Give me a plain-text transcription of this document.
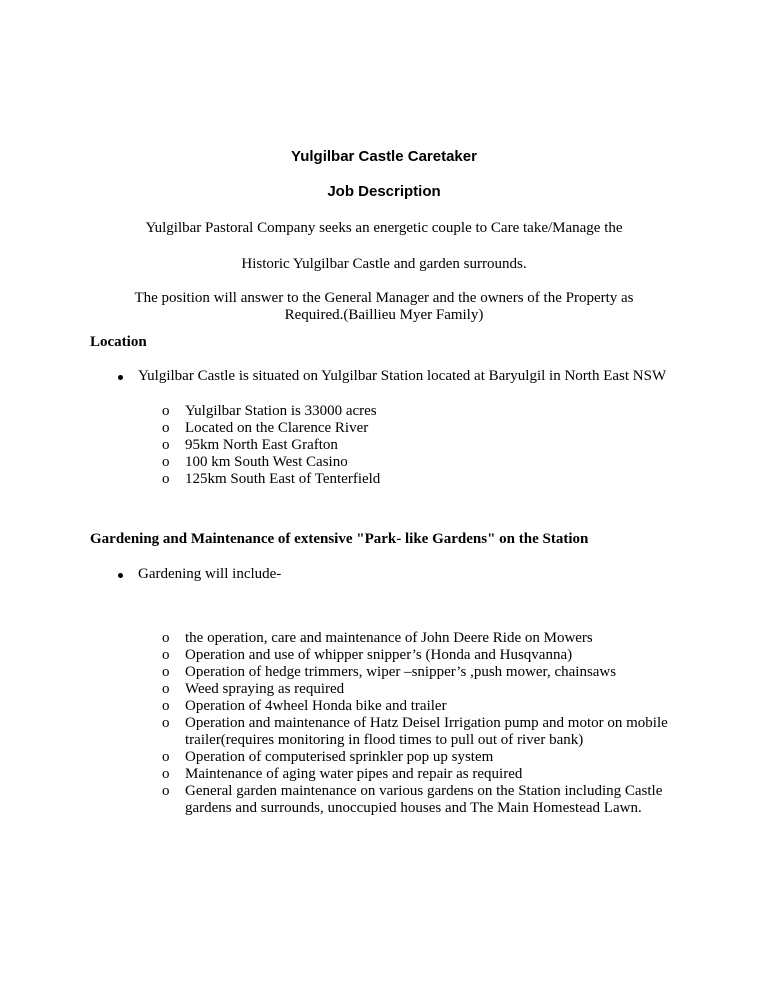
Yulgilbar Castle Caretaker
Job Description
Yulgilbar Pastoral Company seeks an energetic couple to Care take/Manage the
Historic Yulgilbar Castle and garden surrounds.
The position will answer to the General Manager and the owners of the Property as Required.(Baillieu Myer Family)
Location
Yulgilbar Castle is situated on Yulgilbar Station located at Baryulgil in North East NSW
o Yulgilbar Station is 33000 acres
o Located on the Clarence River
o 95km North East Grafton
o 100 km South West Casino
o 125km South East of Tenterfield
Gardening and Maintenance of extensive "Park- like Gardens" on the Station
Gardening will include-
o the operation, care and maintenance of John Deere Ride on Mowers
o Operation and use of whipper snipper’s (Honda and Husqvanna)
o Operation of hedge trimmers, wiper –snipper’s ,push mower, chainsaws
o Weed spraying as required
o Operation of 4wheel Honda bike and trailer
o Operation and maintenance of Hatz Deisel Irrigation pump and motor on mobile trailer(requires monitoring in flood times to pull out of river bank)
o Operation of computerised sprinkler pop up system
o Maintenance of aging water pipes and repair as required
o General garden maintenance on various gardens on the Station including Castle gardens and surrounds, unoccupied houses and The Main Homestead Lawn.
